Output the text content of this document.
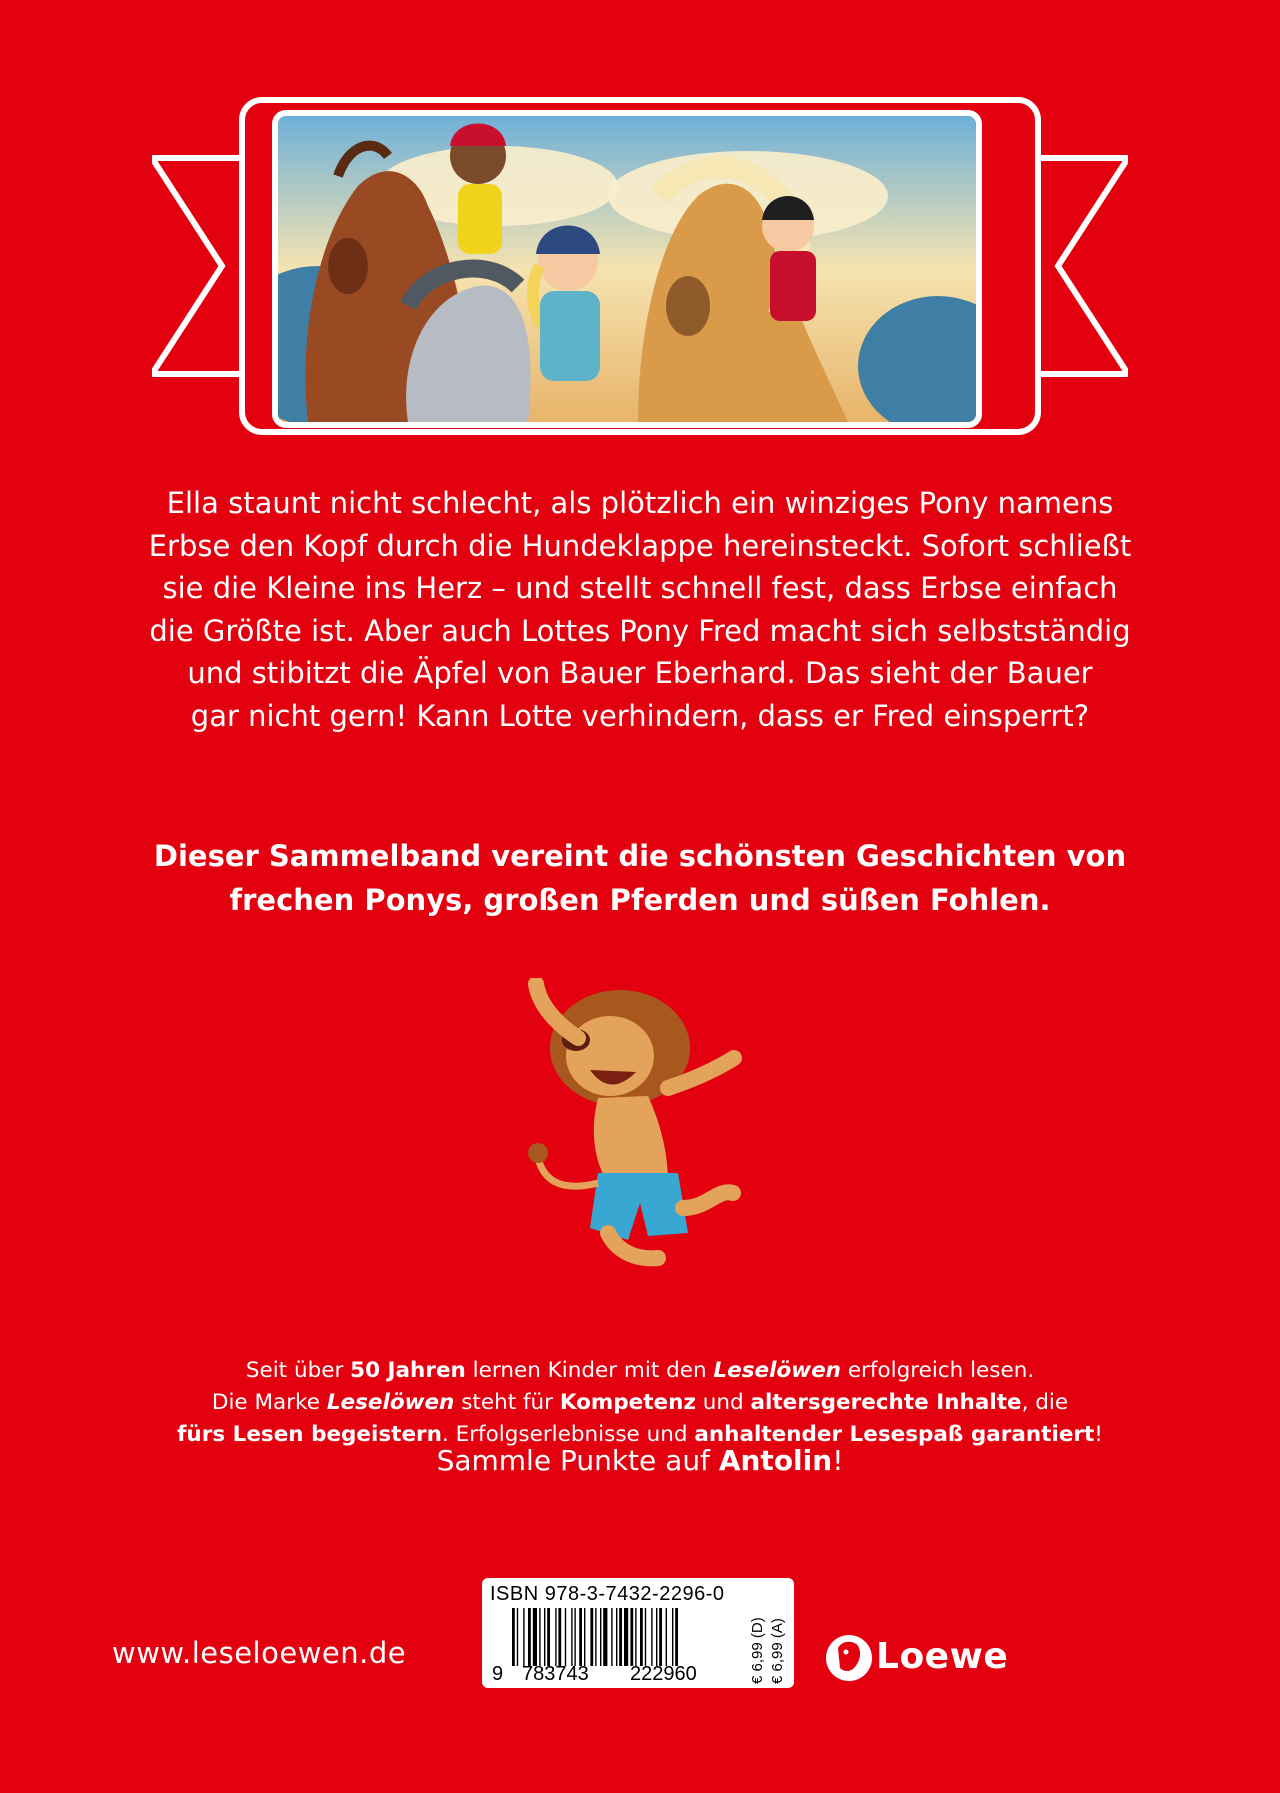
Ella staunt nicht schlecht, als plötzlich ein winziges Pony namens
Erbse den Kopf durch die Hundeklappe hereinsteckt. Sofort schließt
sie die Kleine ins Herz – und stellt schnell fest, dass Erbse einfach
die Größte ist. Aber auch Lottes Pony Fred macht sich selbstständig
und stibitzt die Äpfel von Bauer Eberhard. Das sieht der Bauer
gar nicht gern! Kann Lotte verhindern, dass er Fred einsperrt?

Dieser Sammelband vereint die schönsten Geschichten von
frechen Ponys, großen Pferden und süßen Fohlen.

Seit über 50 Jahren lernen Kinder mit den Leselöwen erfolgreich lesen.
Die Marke Leselöwen steht für Kompetenz und altersgerechte Inhalte, die
fürs Lesen begeistern. Erfolgserlebnisse und anhaltender Lesespaß garantiert!

Sammle Punkte auf Antolin!

www.leseloewen.de
ISBN 978-3-7432-2296-0
9 783743 222960	€ 6,99 (D) € 6,99 (A)	Loewe
